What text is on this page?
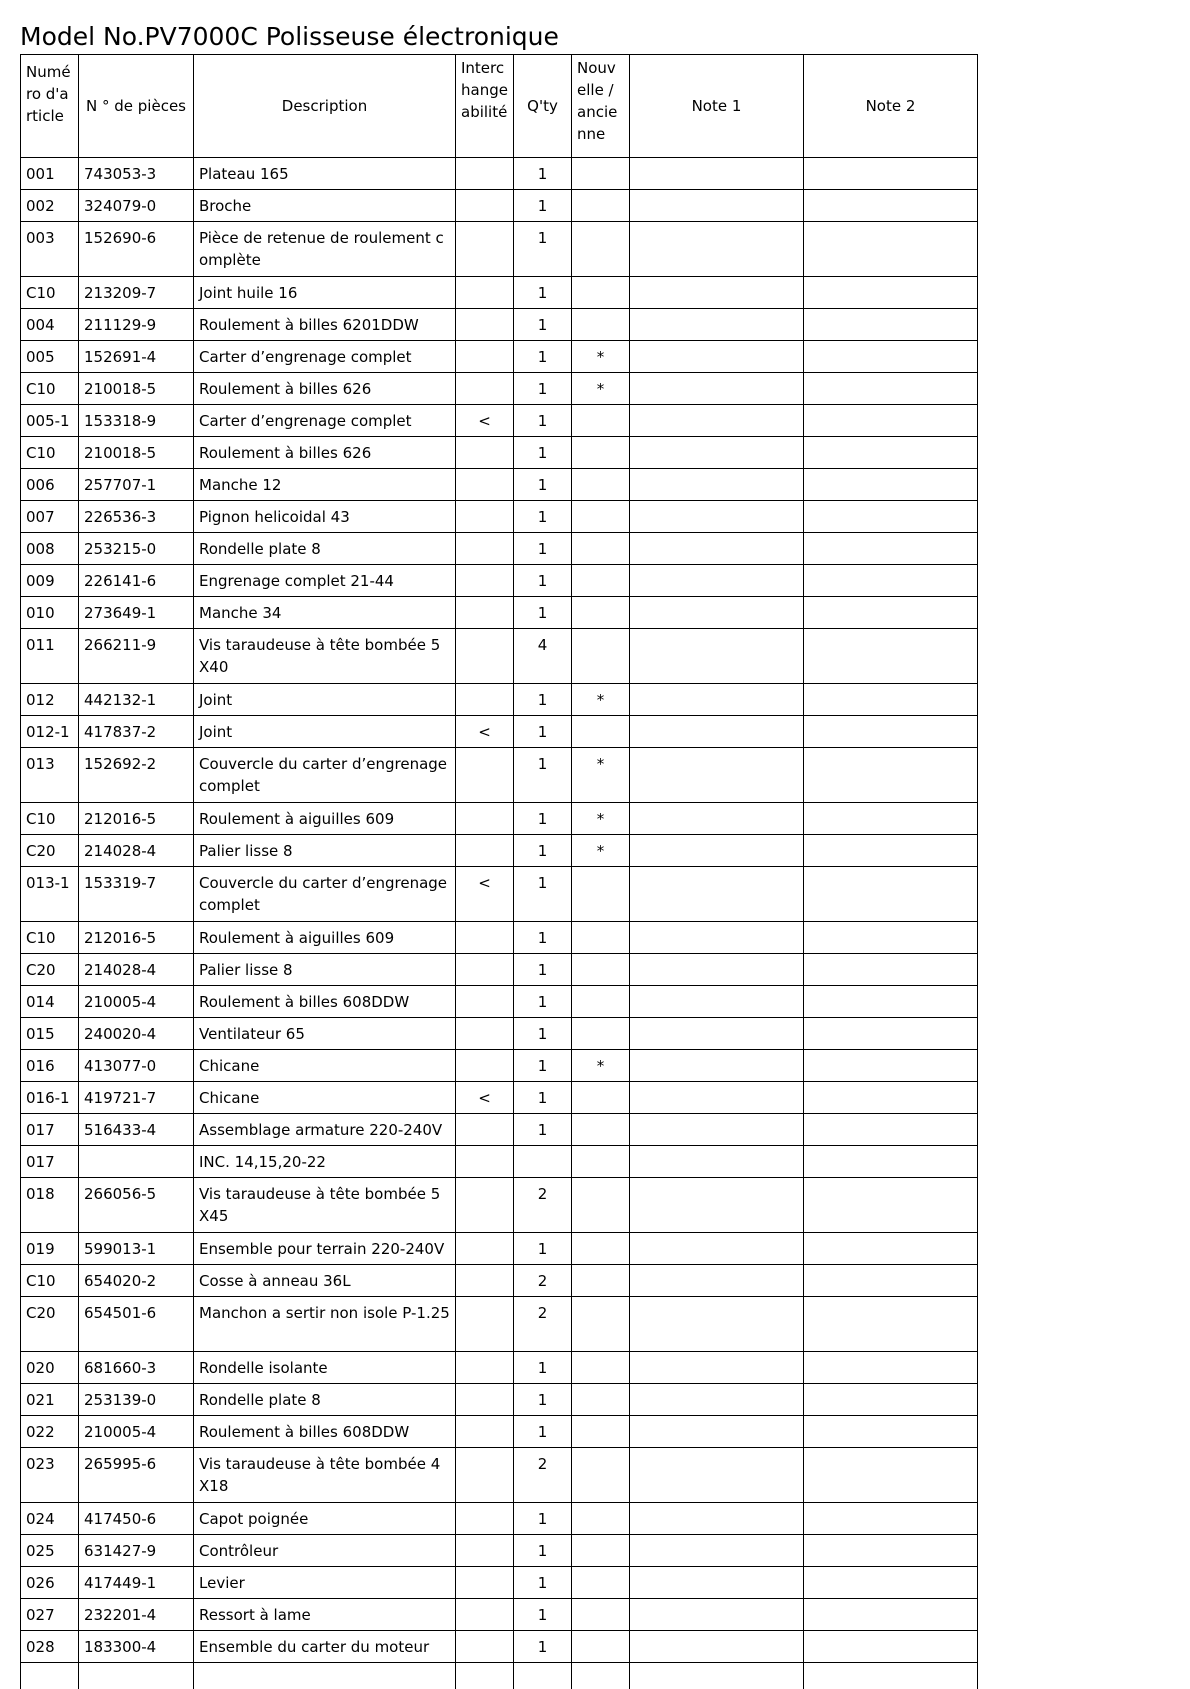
Model No.PV7000C Polisseuse électronique
Numéro d'article	N ° de pièces	Description	Interchangeabilité	Q'ty	Nouvelle / ancienne	Note 1	Note 2
001	743053-3	Plateau 165		1			
002	324079-0	Broche		1			
003	152690-6	Pièce de retenue de roulement complète		1			
C10	213209-7	Joint huile 16		1			
004	211129-9	Roulement à billes 6201DDW		1			
005	152691-4	Carter d’engrenage complet		1	*		
C10	210018-5	Roulement à billes 626		1	*		
005-1	153318-9	Carter d’engrenage complet	<	1			
C10	210018-5	Roulement à billes 626		1			
006	257707-1	Manche 12		1			
007	226536-3	Pignon helicoidal 43		1			
008	253215-0	Rondelle plate 8		1			
009	226141-6	Engrenage complet 21-44		1			
010	273649-1	Manche 34		1			
011	266211-9	Vis taraudeuse à tête bombée 5X40		4			
012	442132-1	Joint		1	*		
012-1	417837-2	Joint	<	1			
013	152692-2	Couvercle du carter d’engrenage complet		1	*		
C10	212016-5	Roulement à aiguilles 609		1	*		
C20	214028-4	Palier lisse 8		1	*		
013-1	153319-7	Couvercle du carter d’engrenage complet	<	1			
C10	212016-5	Roulement à aiguilles 609		1			
C20	214028-4	Palier lisse 8		1			
014	210005-4	Roulement à billes 608DDW		1			
015	240020-4	Ventilateur 65		1			
016	413077-0	Chicane		1	*		
016-1	419721-7	Chicane	<	1			
017	516433-4	Assemblage armature 220-240V		1			
017		INC. 14,15,20-22					
018	266056-5	Vis taraudeuse à tête bombée 5X45		2			
019	599013-1	Ensemble pour terrain 220-240V		1			
C10	654020-2	Cosse à anneau 36L		2			
C20	654501-6	Manchon a sertir non isole P-1.25		2			
020	681660-3	Rondelle isolante		1			
021	253139-0	Rondelle plate 8		1			
022	210005-4	Roulement à billes 608DDW		1			
023	265995-6	Vis taraudeuse à tête bombée 4X18		2			
024	417450-6	Capot poignée		1			
025	631427-9	Contrôleur		1			
026	417449-1	Levier		1			
027	232201-4	Ressort à lame		1			
028	183300-4	Ensemble du carter du moteur		1			
